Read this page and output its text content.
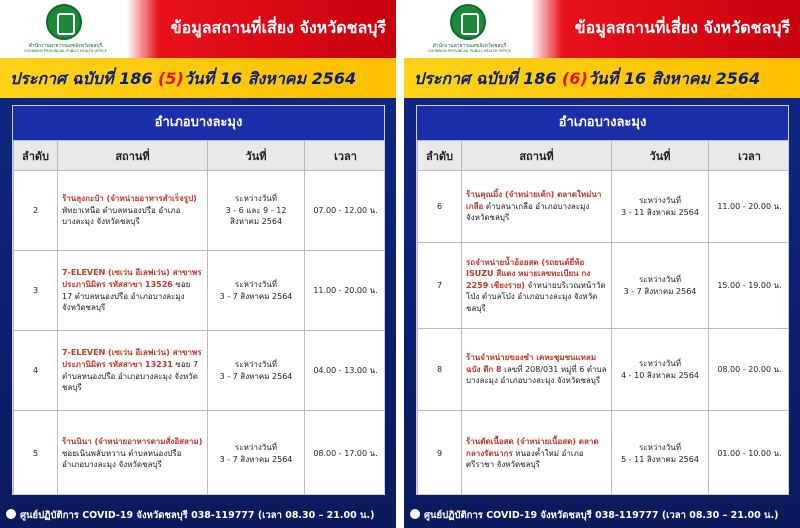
สำนักงานสาธารณสุขจังหวัดชลบุรี
CHONBURI PROVINCIAL PUBLIC HEALTH OFFICE
ข้อมูลสถานที่เสี่ยง จังหวัดชลบุรี
ประกาศ ฉบับที่ 186 (5)วันที่ 16 สิงหาคม 2564
อำเภอบางละมุง
ลำดับ	สถานที่	วันที่	เวลา
2	ร้านลุงกะป๋า (จำหน่ายอาหารสำเร็จรูป) พัทยาเหนือ ตำบลหนองปรือ อำเภอบางละมุง จังหวัดชลบุรี	ระหว่างวันที่
3 - 6 และ 9 - 12 สิงหาคม 2564	07.00 - 12.00 น.
3	7-ELEVEN (เซเว่น อีเลฟเว่น) สาขาพรประภานิมิตร รหัสสาขา 13526 ซอย 17 ตำบลหนองปรือ อำเภอบางละมุง จังหวัดชลบุรี	ระหว่างวันที่
3 - 7 สิงหาคม 2564	11.00 - 20.00 น.
4	7-ELEVEN (เซเว่น อีเลฟเว่น) สาขาพรประภานิมิตร รหัสสาขา 13231 ซอย 7 ตำบลหนองปรือ อำเภอบางละมุง จังหวัดชลบุรี	ระหว่างวันที่
3 - 7 สิงหาคม 2564	04.00 - 13.00 น.
5	ร้านนินา (จำหน่ายอาหารตามสั่งอิสลาม) ซอยเนินพลับหวาน ตำบลหนองปรือ อำเภอบางละมุง จังหวัดชลบุรี	ระหว่างวันที่
3 - 7 สิงหาคม 2564	08.00 - 17.00 น.
ศูนย์ปฏิบัติการ COVID-19 จังหวัดชลบุรี 038-119777 (เวลา 08.30 – 21.00 น.)
สำนักงานสาธารณสุขจังหวัดชลบุรี
CHONBURI PROVINCIAL PUBLIC HEALTH OFFICE
ข้อมูลสถานที่เสี่ยง จังหวัดชลบุรี
ประกาศ ฉบับที่ 186 (6)วันที่ 16 สิงหาคม 2564
อำเภอบางละมุง
ลำดับ	สถานที่	วันที่	เวลา
6	ร้านคุณมิ้ง (จำหน่ายเค้ก) ตลาดใหม่นาเกลือ ตำบลนาเกลือ อำเภอบางละมุง จังหวัดชลบุรี	ระหว่างวันที่
3 - 11 สิงหาคม 2564	11.00 - 20.00 น.
7	รถจำหน่ายน้ำอ้อยสด (รถยนต์ยี่ห้อ ISUZU สีแดง หมายเลขทะเบียน กง 2259 เชียงราย) จำหน่ายบริเวณหน้าวัดโป่ง ตำบลโป่ง อำเภอบางละมุง จังหวัดชลบุรี	ระหว่างวันที่
3 - 7 สิงหาคม 2564	15.00 - 19.00 น.
8	ร้านจำหน่ายของชำ เคหะชุมชนแหลมฉบัง ตึก 8 เลขที่ 208/031 หมู่ที่ 6 ตำบลบางละมุง อำเภอบางละมุง จังหวัดชลบุรี	ระหว่างวันที่
4 - 10 สิงหาคม 2564	08.00 - 20.00 น.
9	ร้านตัดเนื้อสด (จำหน่ายเนื้อสด) ตลาดกลางรัตนากร หนองค้ำใหม่ อำเภอศรีราชา จังหวัดชลบุรี	ระหว่างวันที่
5 - 11 สิงหาคม 2564	01.00 - 10.00 น.
ศูนย์ปฏิบัติการ COVID-19 จังหวัดชลบุรี 038-119777 (เวลา 08.30 – 21.00 น.)
